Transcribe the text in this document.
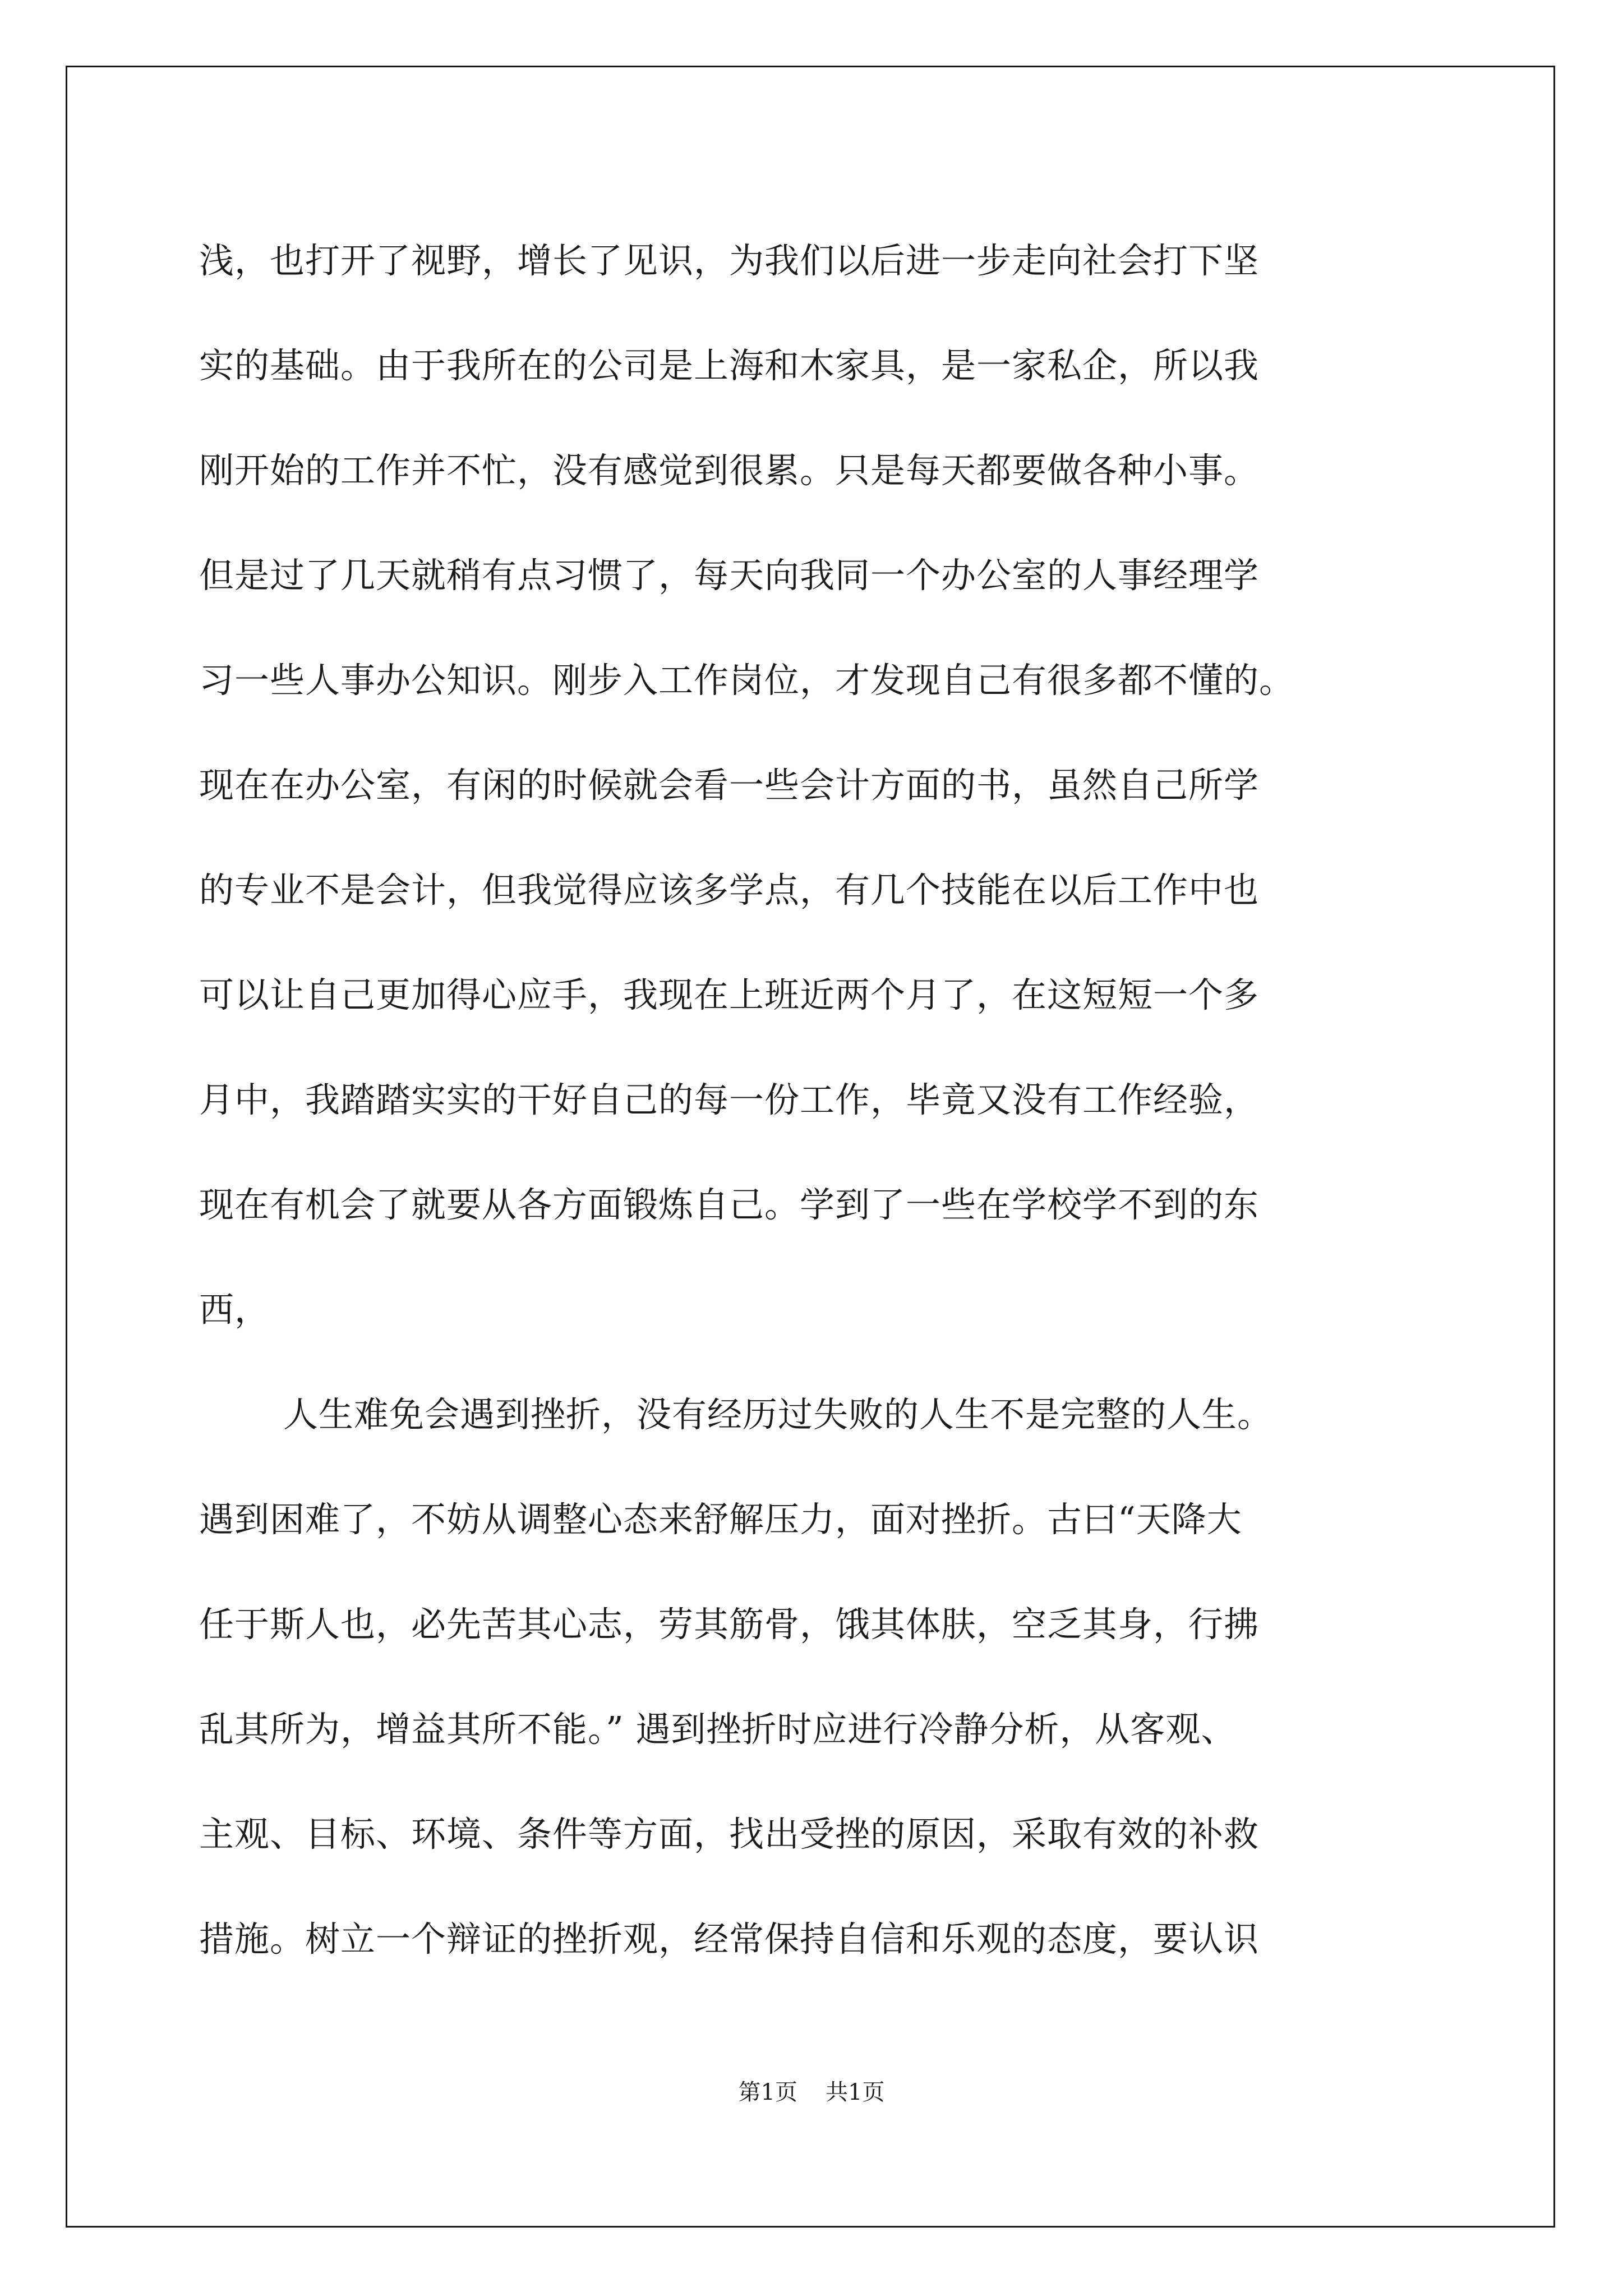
浅，也打开了视野，增长了见识，为我们以后进一步走向社会打下坚
实的基础。由于我所在的公司是上海和木家具，是一家私企，所以我
刚开始的工作并不忙，没有感觉到很累。只是每天都要做各种小事。
但是过了几天就稍有点习惯了，每天向我同一个办公室的人事经理学
习一些人事办公知识。刚步入工作岗位，才发现自己有很多都不懂的。
现在在办公室，有闲的时候就会看一些会计方面的书，虽然自己所学
的专业不是会计，但我觉得应该多学点，有几个技能在以后工作中也
可以让自己更加得心应手，我现在上班近两个月了，在这短短一个多
月中，我踏踏实实的干好自己的每一份工作，毕竟又没有工作经验，
现在有机会了就要从各方面锻炼自己。学到了一些在学校学不到的东
西，
人生难免会遇到挫折，没有经历过失败的人生不是完整的人生。
遇到困难了，不妨从调整心态来舒解压力，面对挫折。古曰“天降大
任于斯人也，必先苦其心志，劳其筋骨，饿其体肤，空乏其身，行拂
乱其所为，增益其所不能。” 遇到挫折时应进行冷静分析，从客观、
主观、目标、环境、条件等方面，找出受挫的原因，采取有效的补救
措施。树立一个辩证的挫折观，经常保持自信和乐观的态度，要认识
第1页 共1页
